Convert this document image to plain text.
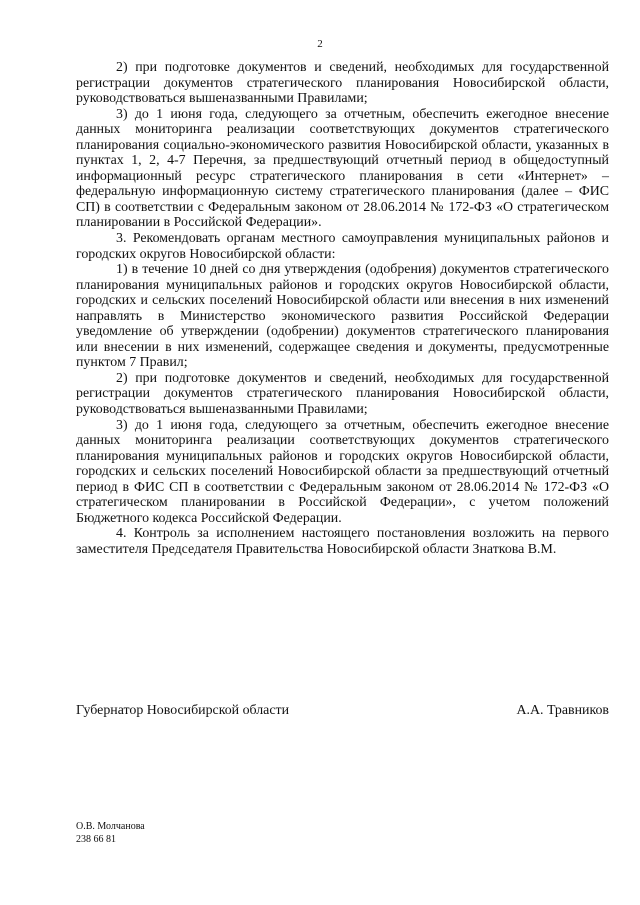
2

2) при подготовке документов и сведений, необходимых для государственной регистрации документов стратегического планирования Новосибирской области, руководствоваться вышеназванными Правилами;

3) до 1 июня года, следующего за отчетным, обеспечить ежегодное внесение данных мониторинга реализации соответствующих документов стратегического планирования социально-экономического развития Новосибирской области, указанных в пунктах 1, 2, 4-7 Перечня, за предшествующий отчетный период в общедоступный информационный ресурс стратегического планирования в сети «Интернет» – федеральную информационную систему стратегического планирования (далее – ФИС СП) в соответствии с Федеральным законом от 28.06.2014 № 172-ФЗ «О стратегическом планировании в Российской Федерации».

3. Рекомендовать органам местного самоуправления муниципальных районов и городских округов Новосибирской области:

1) в течение 10 дней со дня утверждения (одобрения) документов стратегического планирования муниципальных районов и городских округов Новосибирской области, городских и сельских поселений Новосибирской области или внесения в них изменений направлять в Министерство экономического развития Российской Федерации уведомление об утверждении (одобрении) документов стратегического планирования или внесении в них изменений, содержащее сведения и документы, предусмотренные пунктом 7 Правил;

2) при подготовке документов и сведений, необходимых для государственной регистрации документов стратегического планирования Новосибирской области, руководствоваться вышеназванными Правилами;

3) до 1 июня года, следующего за отчетным, обеспечить ежегодное внесение данных мониторинга реализации соответствующих документов стратегического планирования муниципальных районов и городских округов Новосибирской области, городских и сельских поселений Новосибирской области за предшествующий отчетный период в ФИС СП в соответствии с Федеральным законом от 28.06.2014 № 172-ФЗ «О стратегическом планировании в Российской Федерации», с учетом положений Бюджетного кодекса Российской Федерации.

4. Контроль за исполнением настоящего постановления возложить на первого заместителя Председателя Правительства Новосибирской области Знаткова В.М.

Губернатор Новосибирской области	А.А. Травников
О.В. Молчанова
238 66 81
